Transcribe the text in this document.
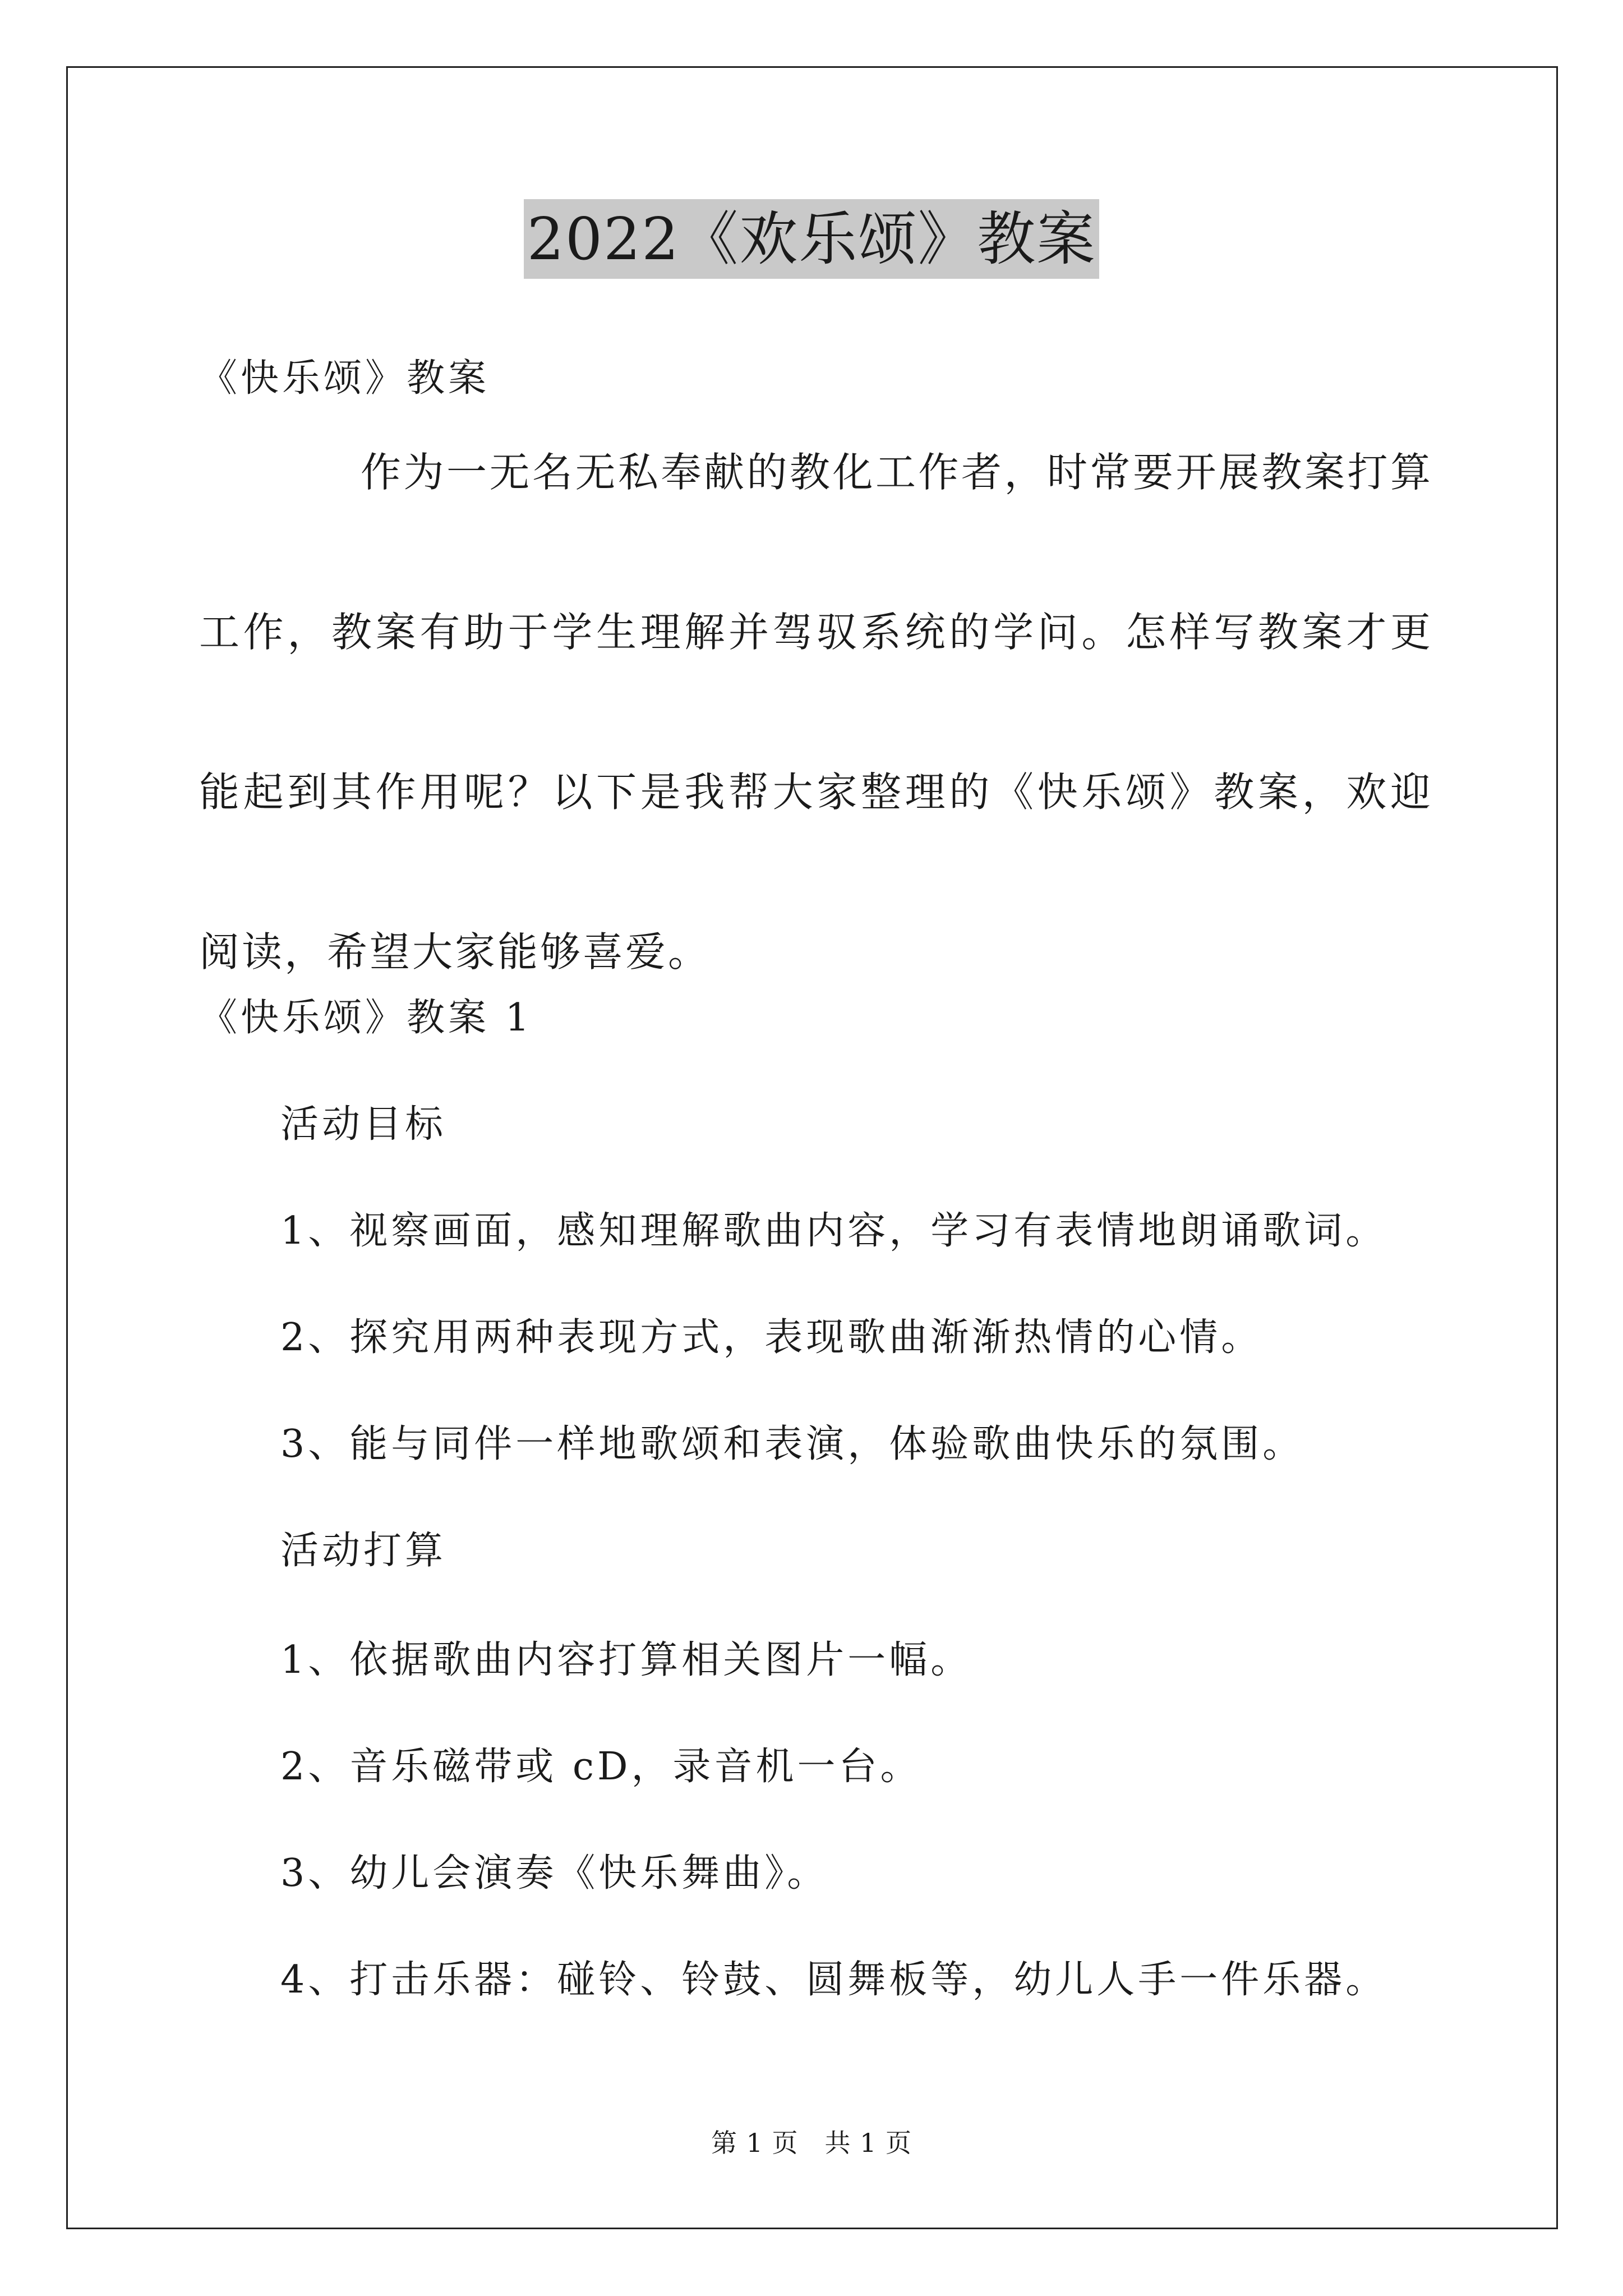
2022《欢乐颂》教案
《快乐颂》教案
作为一无名无私奉献的教化工作者，时常要开展教案打算工作，教案有助于学生理解并驾驭系统的学问。怎样写教案才更能起到其作用呢？以下是我帮大家整理的《快乐颂》教案，欢迎阅读，希望大家能够喜爱。
《快乐颂》教案 1
活动目标
1、视察画面，感知理解歌曲内容，学习有表情地朗诵歌词。
2、探究用两种表现方式，表现歌曲渐渐热情的心情。
3、能与同伴一样地歌颂和表演，体验歌曲快乐的氛围。
活动打算
1、依据歌曲内容打算相关图片一幅。
2、音乐磁带或 cD，录音机一台。
3、幼儿会演奏《快乐舞曲》。
4、打击乐器：碰铃、铃鼓、圆舞板等，幼儿人手一件乐器。
第 1 页　共 1 页
